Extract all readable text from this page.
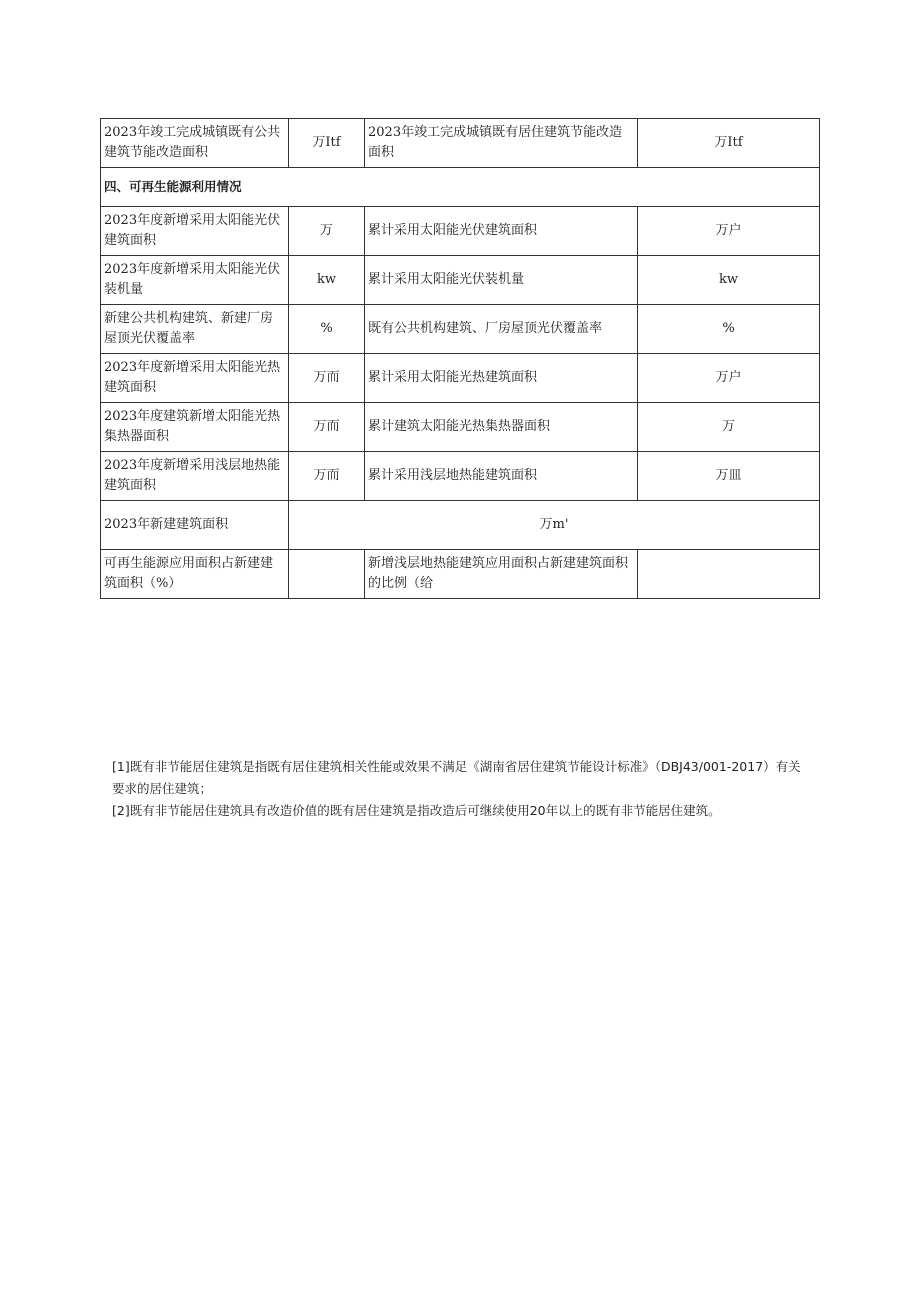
2023年竣工完成城镇既有公共建筑节能改造面积	万Itf	2023年竣工完成城镇既有居住建筑节能改造面积	万Itf
四、可再生能源利用情况			
2023年度新增采用太阳能光伏建筑面积	万	累计采用太阳能光伏建筑面积	万户
2023年度新增采用太阳能光伏装机量	kw	累计采用太阳能光伏装机量	kw
新建公共机构建筑、新建厂房屋顶光伏覆盖率	%	既有公共机构建筑、厂房屋顶光伏覆盖率	%
2023年度新增采用太阳能光热建筑面积	万而	累计采用太阳能光热建筑面积	万户
2023年度建筑新增太阳能光热集热器面积	万而	累计建筑太阳能光热集热器面积	万
2023年度新增采用浅层地热能建筑面积	万而	累计采用浅层地热能建筑面积	万皿
2023年新建建筑面积	万m'		
可再生能源应用面积占新建建筑面积（%）		新增浅层地热能建筑应用面积占新建建筑面积的比例（给	

[1]既有非节能居住建筑是指既有居住建筑相关性能或效果不满足《湖南省居住建筑节能设计标准》（DBJ43/001-2017）有关要求的居住建筑；

[2]既有非节能居住建筑具有改造价值的既有居住建筑是指改造后可继续使用20年以上的既有非节能居住建筑。
